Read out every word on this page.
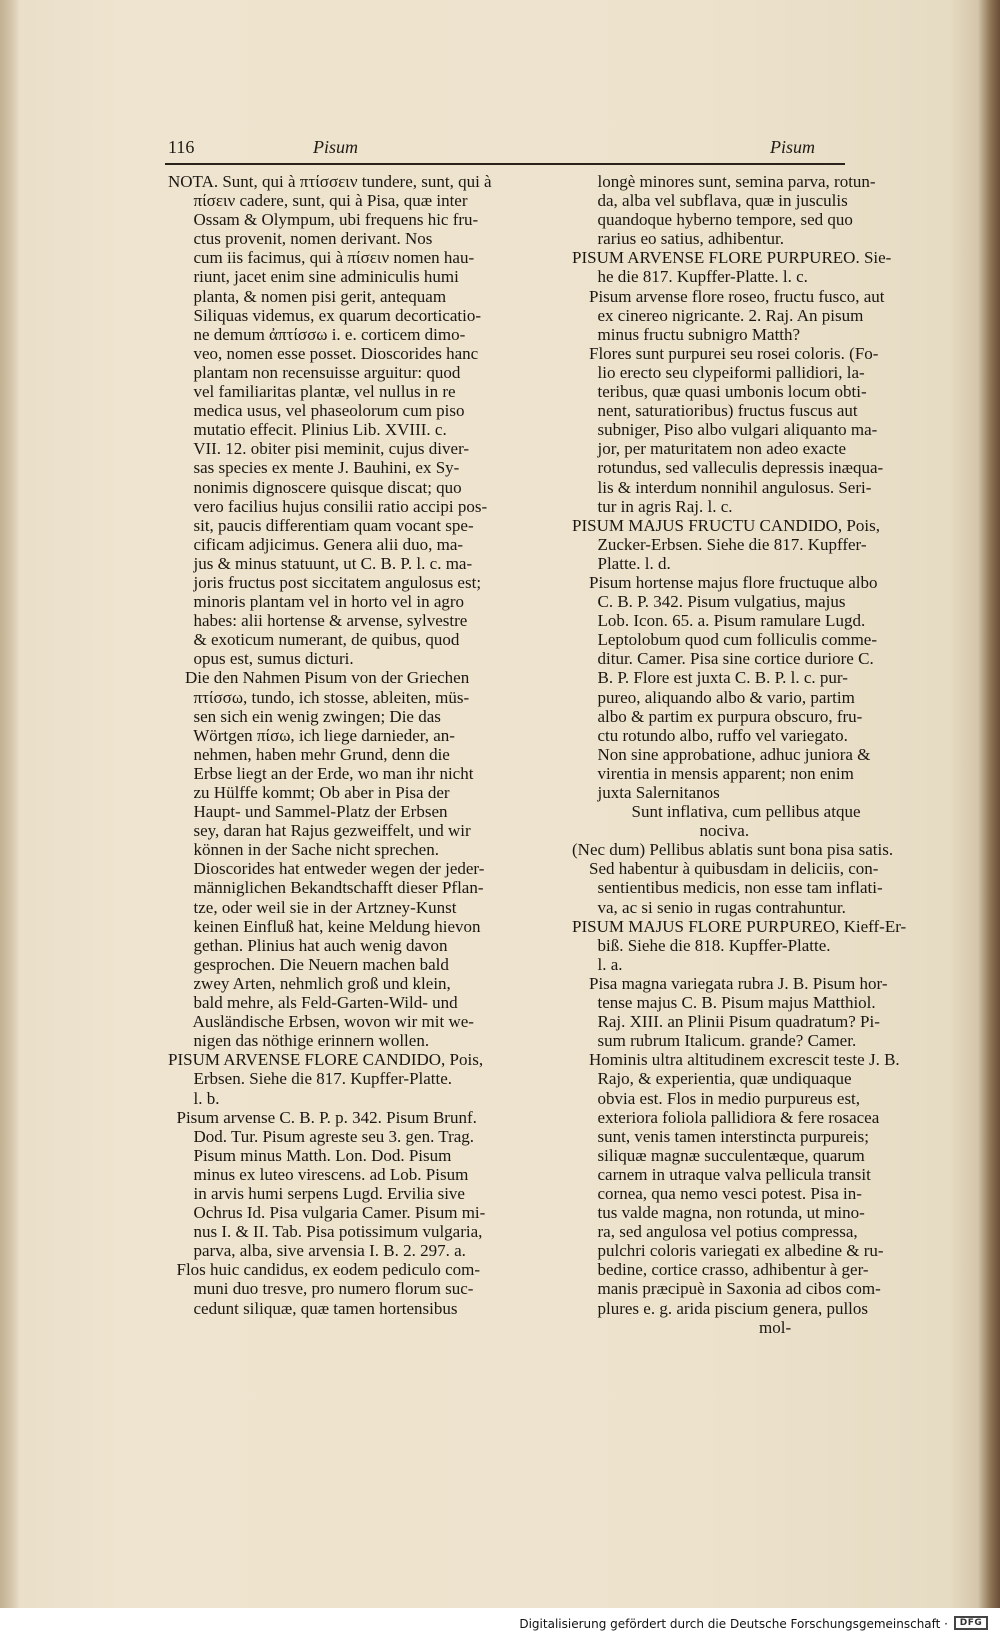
116	Pisum	Pisum
NOTA. Sunt, qui à πτίσσειν tundere, sunt, qui à
πίσειν cadere, sunt, qui à Pisa, quæ inter
Ossam & Olympum, ubi frequens hic fru-
ctus provenit, nomen derivant. Nos
cum iis facimus, qui à πίσειν nomen hau-
riunt, jacet enim sine adminiculis humi
planta, & nomen pisi gerit, antequam
Siliquas videmus, ex quarum decorticatio-
ne demum ἀπτίσσω i. e. corticem dimo-
veo, nomen esse posset. Dioscorides hanc
plantam non recensuisse arguitur: quod
vel familiaritas plantæ, vel nullus in re
medica usus, vel phaseolorum cum piso
mutatio effecit. Plinius Lib. XVIII. c.
VII. 12. obiter pisi meminit, cujus diver-
sas species ex mente J. Bauhini, ex Sy-
nonimis dignoscere quisque discat; quo
vero facilius hujus consilii ratio accipi pos-
sit, paucis differentiam quam vocant spe-
cificam adjicimus. Genera alii duo, ma-
jus & minus statuunt, ut C. B. P. l. c. ma-
joris fructus post siccitatem angulosus est;
minoris plantam vel in horto vel in agro
habes: alii hortense & arvense, sylvestre
& exoticum numerant, de quibus, quod
opus est, sumus dicturi.
Die den Nahmen Pisum von der Griechen
πτίσσω, tundo, ich stosse, ableiten, müs-
sen sich ein wenig zwingen; Die das
Wörtgen πίσω, ich liege darnieder, an-
nehmen, haben mehr Grund, denn die
Erbse liegt an der Erde, wo man ihr nicht
zu Hülffe kommt; Ob aber in Pisa der
Haupt- und Sammel-Platz der Erbsen
sey, daran hat Rajus gezweiffelt, und wir
können in der Sache nicht sprechen.
Dioscorides hat entweder wegen der jeder-
männiglichen Bekandtschafft dieser Pflan-
tze, oder weil sie in der Artzney-Kunst
keinen Einfluß hat, keine Meldung hievon
gethan. Plinius hat auch wenig davon
gesprochen. Die Neuern machen bald
zwey Arten, nehmlich groß und klein,
bald mehre, als Feld-Garten-Wild- und
Ausländische Erbsen, wovon wir mit we-
nigen das nöthige erinnern wollen.
PISUM ARVENSE FLORE CANDIDO, Pois,
Erbsen. Siehe die 817. Kupffer-Platte.
l. b.
Pisum arvense C. B. P. p. 342. Pisum Brunf.
Dod. Tur. Pisum agreste seu 3. gen. Trag.
Pisum minus Matth. Lon. Dod. Pisum
minus ex luteo virescens. ad Lob. Pisum
in arvis humi serpens Lugd. Ervilia sive
Ochrus Id. Pisa vulgaria Camer. Pisum mi-
nus I. & II. Tab. Pisa potissimum vulgaria,
parva, alba, sive arvensia I. B. 2. 297. a.
Flos huic candidus, ex eodem pediculo com-
muni duo tresve, pro numero florum suc-
cedunt siliquæ, quæ tamen hortensibus
longè minores sunt, semina parva, rotun-
da, alba vel subflava, quæ in jusculis
quandoque hyberno tempore, sed quo
rarius eo satius, adhibentur.
PISUM ARVENSE FLORE PURPUREO. Sie-
he die 817. Kupffer-Platte. l. c.
Pisum arvense flore roseo, fructu fusco, aut
ex cinereo nigricante. 2. Raj. An pisum
minus fructu subnigro Matth?
Flores sunt purpurei seu rosei coloris. (Fo-
lio erecto seu clypeiformi pallidiori, la-
teribus, quæ quasi umbonis locum obti-
nent, saturatioribus) fructus fuscus aut
subniger, Piso albo vulgari aliquanto ma-
jor, per maturitatem non adeo exacte
rotundus, sed valleculis depressis inæqua-
lis & interdum nonnihil angulosus. Seri-
tur in agris Raj. l. c.
PISUM MAJUS FRUCTU CANDIDO, Pois,
Zucker-Erbsen. Siehe die 817. Kupffer-
Platte. l. d.
Pisum hortense majus flore fructuque albo
C. B. P. 342. Pisum vulgatius, majus
Lob. Icon. 65. a. Pisum ramulare Lugd.
Leptolobum quod cum folliculis comme-
ditur. Camer. Pisa sine cortice duriore C.
B. P. Flore est juxta C. B. P. l. c. pur-
pureo, aliquando albo & vario, partim
albo & partim ex purpura obscuro, fru-
ctu rotundo albo, ruffo vel variegato.
Non sine approbatione, adhuc juniora &
virentia in mensis apparent; non enim
juxta Salernitanos
Sunt inflativa, cum pellibus atque
nociva.
(Nec dum) Pellibus ablatis sunt bona pisa satis.
Sed habentur à quibusdam in deliciis, con-
sentientibus medicis, non esse tam inflati-
va, ac si senio in rugas contrahuntur.
PISUM MAJUS FLORE PURPUREO, Kieff-Er-
biß. Siehe die 818. Kupffer-Platte.
l. a.
Pisa magna variegata rubra J. B. Pisum hor-
tense majus C. B. Pisum majus Matthiol.
Raj. XIII. an Plinii Pisum quadratum? Pi-
sum rubrum Italicum. grande? Camer.
Hominis ultra altitudinem excrescit teste J. B.
Rajo, & experientia, quæ undiquaque
obvia est. Flos in medio purpureus est,
exteriora foliola pallidiora & fere rosacea
sunt, venis tamen interstincta purpureis;
siliquæ magnæ succulentæque, quarum
carnem in utraque valva pellicula transit
cornea, qua nemo vesci potest. Pisa in-
tus valde magna, non rotunda, ut mino-
ra, sed angulosa vel potius compressa,
pulchri coloris variegati ex albedine & ru-
bedine, cortice crasso, adhibentur à ger-
manis præcipuè in Saxonia ad cibos com-
plures e. g. arida piscium genera, pullos
mol-
Digitalisierung gefördert durch die Deutsche Forschungsgemeinschaft ·	DFG
